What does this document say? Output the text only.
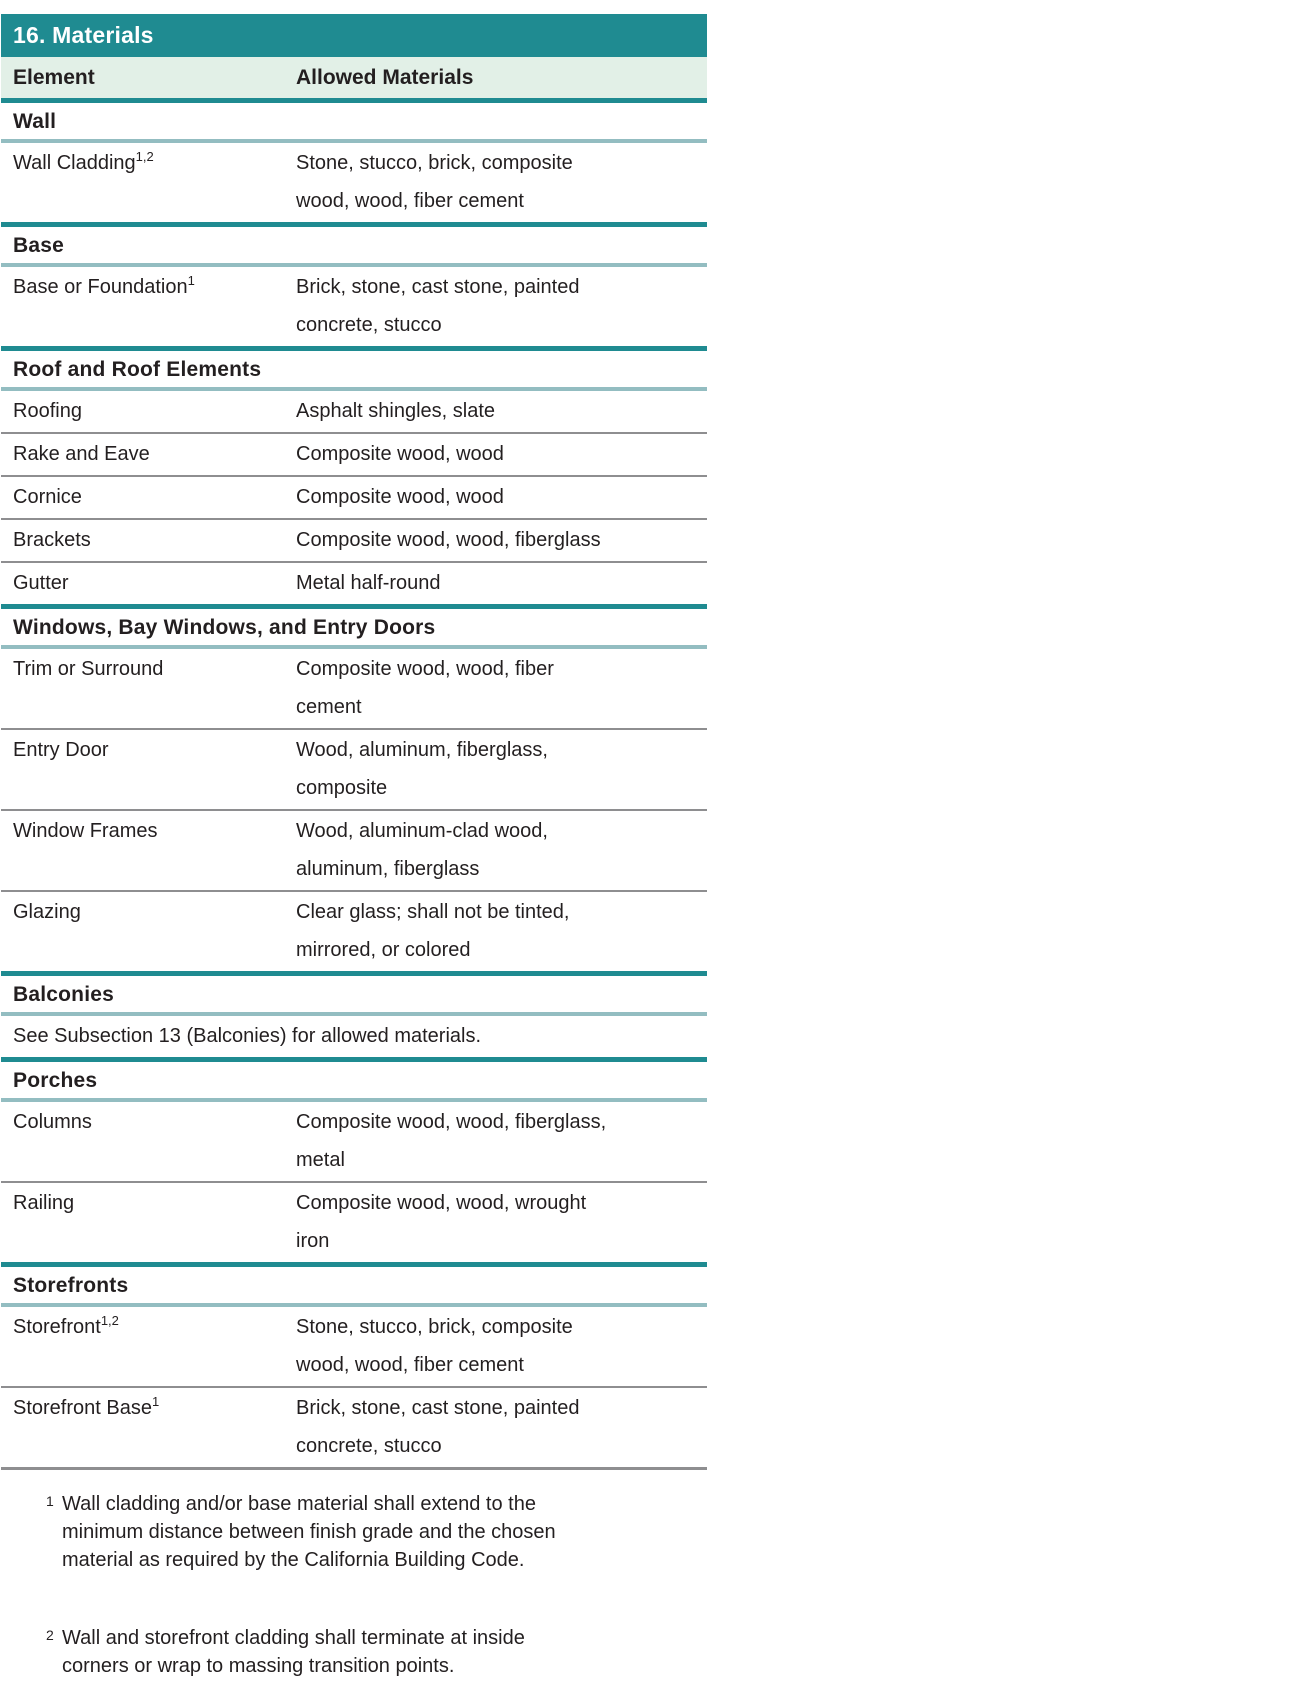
16. Materials
Element	Allowed Materials
Wall
Wall Cladding$^{1,2}$	Stone, stucco, brick, composite
wood, wood, fiber cement
Base
Base or Foundation$^1$	Brick, stone, cast stone, painted
concrete, stucco
Roof and Roof Elements
Roofing	Asphalt shingles, slate
Rake and Eave	Composite wood, wood
Cornice	Composite wood, wood
Brackets	Composite wood, wood, fiberglass
Gutter	Metal half-round
Windows, Bay Windows, and Entry Doors
Trim or Surround	Composite wood, wood, fiber
cement
Entry Door	Wood, aluminum, fiberglass,
composite
Window Frames	Wood, aluminum-clad wood,
aluminum, fiberglass
Glazing	Clear glass; shall not be tinted,
mirrored, or colored
Balconies
See Subsection 13 (Balconies) for allowed materials.
Porches
Columns	Composite wood, wood, fiberglass,
metal
Railing	Composite wood, wood, wrought
iron
Storefronts
Storefront$^{1,2}$	Stone, stucco, brick, composite
wood, wood, fiber cement
Storefront Base$^1$	Brick, stone, cast stone, painted
concrete, stucco
1 Wall cladding and/or base material shall extend to the
minimum distance between finish grade and the chosen
material as required by the California Building Code.
2 Wall and storefront cladding shall terminate at inside
corners or wrap to massing transition points.
